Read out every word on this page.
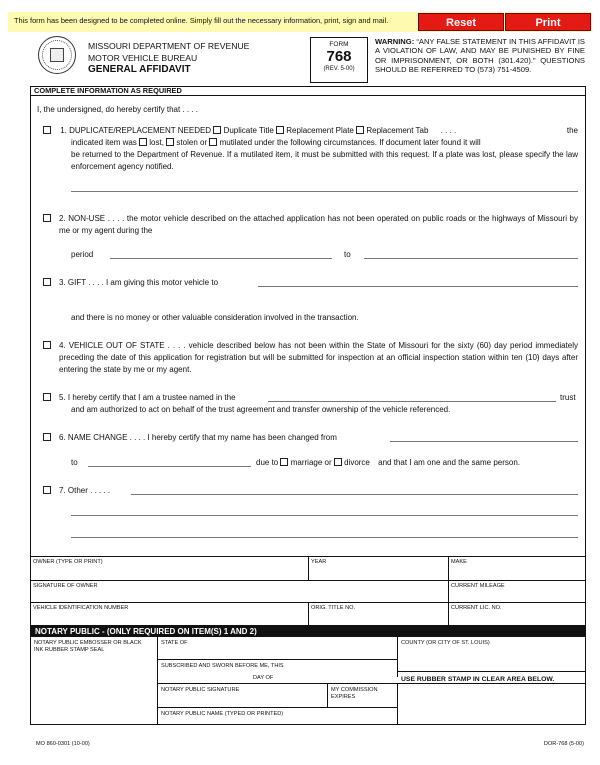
This form has been designed to be completed online. Simply fill out the necessary information, print, sign and mail.	Reset	Print
MISSOURI DEPARTMENT OF REVENUE
MOTOR VEHICLE BUREAU
GENERAL AFFIDAVIT
FORM
768
(REV. 5-00)
WARNING: “ANY FALSE STATEMENT IN THIS AFFIDAVIT IS A VIOLATION OF LAW, AND MAY BE PUNISHED BY FINE OR IMPRISONMENT, OR BOTH (301.420).” QUESTIONS SHOULD BE REFERRED TO (573) 751-4509.
COMPLETE INFORMATION AS REQUIRED
I, the undersigned, do hereby certify that . . . .
1. DUPLICATE/REPLACEMENT NEEDED Duplicate Title Replacement Plate Replacement Tab . . . .	the
indicated item was lost, stolen or mutilated under the following circumstances. If document later found it will
be returned to the Department of Revenue. If a mutilated item, it must be submitted with this request. If a plate was lost, please specify the law enforcement agency notified.
2. NON-USE . . . . the motor vehicle described on the attached application has not been operated on public roads or the highways of Missouri by me or my agent during the
period	to
3. GIFT . . . . I am giving this motor vehicle to
and there is no money or other valuable consideration involved in the transaction.
4. VEHICLE OUT OF STATE . . . . vehicle described below has not been within the State of Missouri for the sixty (60) day period immediately preceding the date of this application for registration but will be submitted for inspection at an official inspection station within ten (10) days after entering the state by me or my agent.
5. I hereby certify that I am a trustee named in the	trust
and am authorized to act on behalf of the trust agreement and transfer ownership of the vehicle referenced.
6. NAME CHANGE . . . . I hereby certify that my name has been changed from
to	due to marriage or divorce and that I am one and the same person.
7. Other . . . . .
OWNER (TYPE OR PRINT)	YEAR	MAKE
SIGNATURE OF OWNER	CURRENT MILEAGE
VEHICLE IDENTIFICATION NUMBER	ORIG. TITLE NO.	CURRENT LIC. NO.
NOTARY PUBLIC - (ONLY REQUIRED ON ITEM(S) 1 AND 2)
NOTARY PUBLIC EMBOSSER OR BLACK INK RUBBER STAMP SEAL
STATE OF	COUNTY (OR CITY OF ST. LOUIS)
SUBSCRIBED AND SWORN BEFORE ME, THIS
DAY OF	USE RUBBER STAMP IN CLEAR AREA BELOW.
NOTARY PUBLIC SIGNATURE	MY COMMISSION EXPIRES
NOTARY PUBLIC NAME (TYPED OR PRINTED)
MO 860-0301 (10-00)	DOR-768 (5-00)
